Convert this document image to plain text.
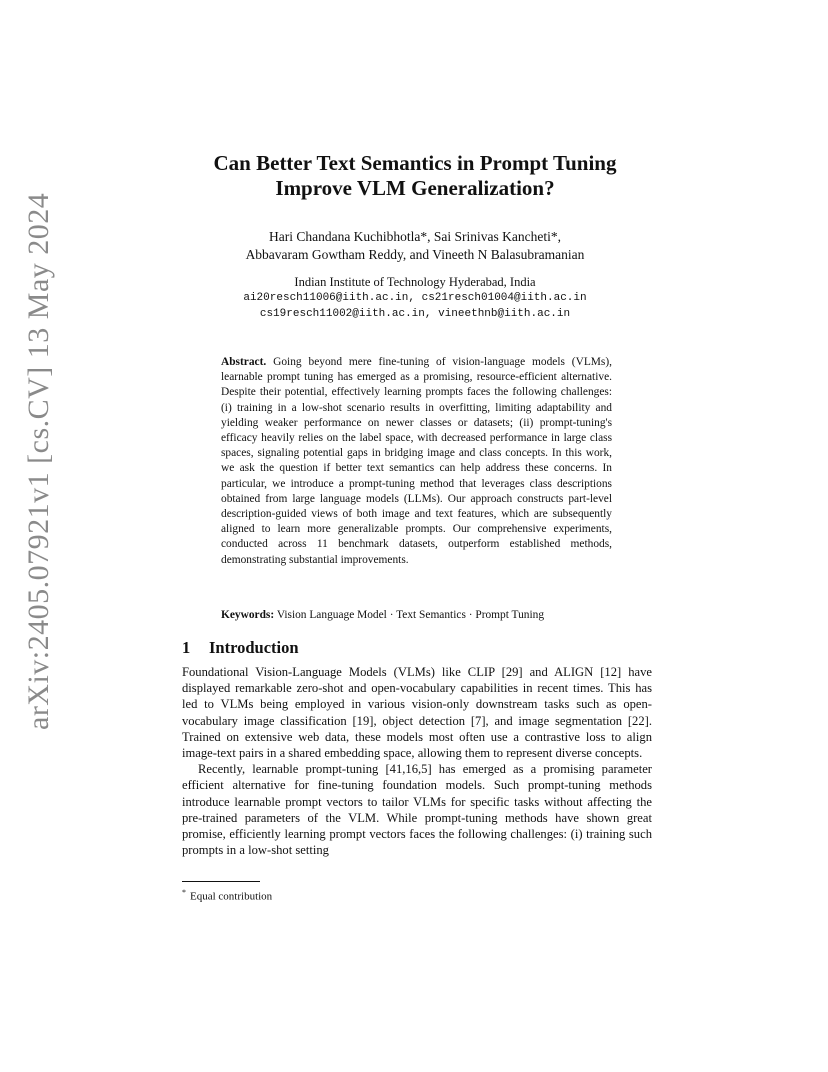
arXiv:2405.07921v1 [cs.CV] 13 May 2024
Can Better Text Semantics in Prompt Tuning
Improve VLM Generalization?
Hari Chandana Kuchibhotla*, Sai Srinivas Kancheti*,
Abbavaram Gowtham Reddy, and Vineeth N Balasubramanian
Indian Institute of Technology Hyderabad, India
ai20resch11006@iith.ac.in, cs21resch01004@iith.ac.in
cs19resch11002@iith.ac.in, vineethnb@iith.ac.in
Abstract. Going beyond mere fine-tuning of vision-language models (VLMs), learnable prompt tuning has emerged as a promising, resource-efficient alternative. Despite their potential, effectively learning prompts faces the following challenges: (i) training in a low-shot scenario results in overfitting, limiting adaptability and yielding weaker performance on newer classes or datasets; (ii) prompt-tuning's efficacy heavily relies on the label space, with decreased performance in large class spaces, signaling potential gaps in bridging image and class concepts. In this work, we ask the question if better text semantics can help address these concerns. In particular, we introduce a prompt-tuning method that leverages class descriptions obtained from large language models (LLMs). Our approach constructs part-level description-guided views of both image and text features, which are subsequently aligned to learn more generalizable prompts. Our comprehensive experiments, conducted across 11 benchmark datasets, outperform established methods, demonstrating substantial improvements.
Keywords: Vision Language Model · Text Semantics · Prompt Tuning
1 Introduction

Foundational Vision-Language Models (VLMs) like CLIP [29] and ALIGN [12] have displayed remarkable zero-shot and open-vocabulary capabilities in recent times. This has led to VLMs being employed in various vision-only downstream tasks such as open-vocabulary image classification [19], object detection [7], and image segmentation [22]. Trained on extensive web data, these models most often use a contrastive loss to align image-text pairs in a shared embedding space, allowing them to represent diverse concepts.

Recently, learnable prompt-tuning [41,16,5] has emerged as a promising parameter efficient alternative for fine-tuning foundation models. Such prompt-tuning methods introduce learnable prompt vectors to tailor VLMs for specific tasks without affecting the pre-trained parameters of the VLM. While prompt-tuning methods have shown great promise, efficiently learning prompt vectors faces the following challenges: (i) training such prompts in a low-shot setting

* Equal contribution
